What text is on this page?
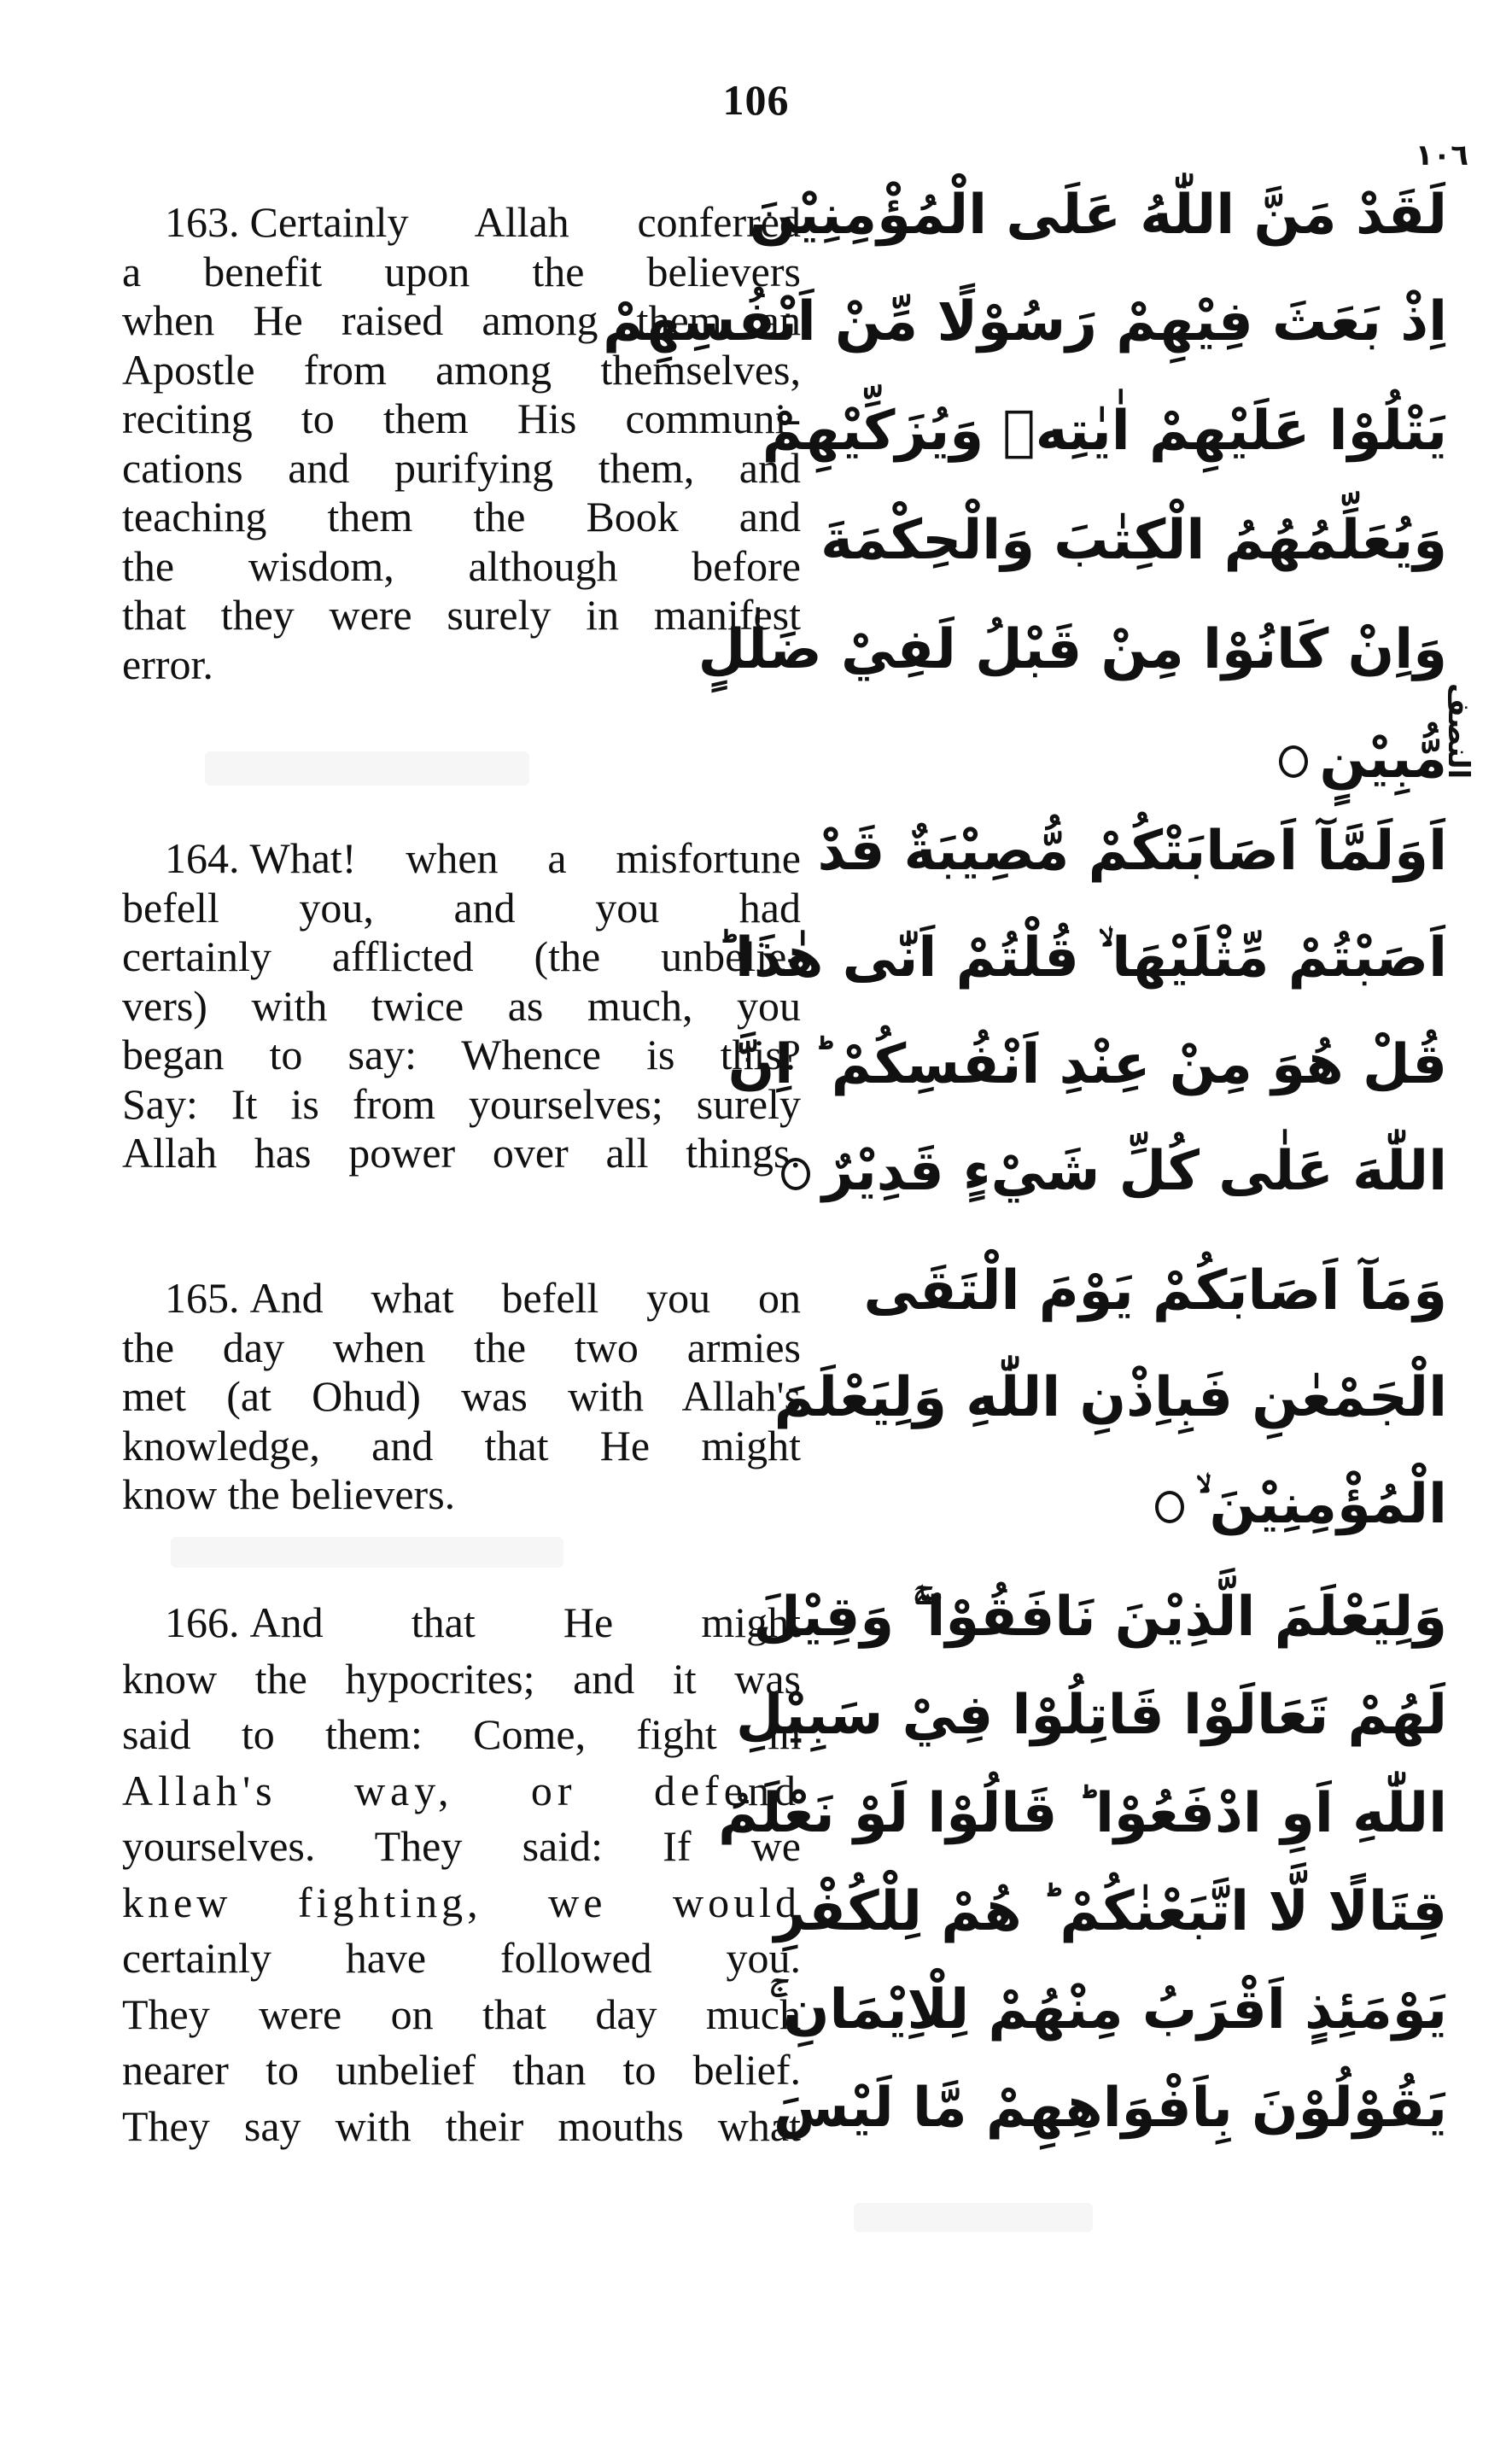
106
١٠٦
النصف
163. Certainly Allah conferred
a benefit upon the believers
when He raised among them an
Apostle from among themselves,
reciting to them His communi-
cations and purifying them, and
teaching them the Book and
the wisdom, although before
that they were surely in manifest
error.
لَقَدْ مَنَّ اللّٰهُ عَلَى الْمُؤْمِنِيْنَ
اِذْ بَعَثَ فِيْهِمْ رَسُوْلًا مِّنْ اَنْفُسِهِمْ
يَتْلُوْا عَلَيْهِمْ اٰيٰتِهٖ وَيُزَكِّيْهِمْ
وَيُعَلِّمُهُمُ الْكِتٰبَ وَالْحِكْمَةَ
وَاِنْ كَانُوْا مِنْ قَبْلُ لَفِيْ ضَلٰلٍ
مُّبِيْنٍ
164. What! when a misfortune
befell you, and you had
certainly afflicted (the unbelie-
vers) with twice as much, you
began to say: Whence is this?
Say: It is from yourselves; surely
Allah has power over all things.
اَوَلَمَّآ اَصَابَتْكُمْ مُّصِيْبَةٌ قَدْ
اَصَبْتُمْ مِّثْلَيْهَا ۙ قُلْتُمْ اَنّٰى هٰذَا ؕ
قُلْ هُوَ مِنْ عِنْدِ اَنْفُسِكُمْ ؕ اِنَّ
اللّٰهَ عَلٰى كُلِّ شَيْءٍ قَدِيْرٌ
165. And what befell you on
the day when the two armies
met (at Ohud) was with Allah's
knowledge, and that He might
know the believers.
وَمَآ اَصَابَكُمْ يَوْمَ الْتَقَى
الْجَمْعٰنِ فَبِاِذْنِ اللّٰهِ وَلِيَعْلَمَ
الْمُؤْمِنِيْنَ ۙ
166. And that He might
know the hypocrites; and it was
said to them: Come, fight in
Allah's way, or defend
yourselves. They said: If we
knew fighting, we would
certainly have followed you.
They were on that day much
nearer to unbelief than to belief.
They say with their mouths what
وَلِيَعْلَمَ الَّذِيْنَ نَافَقُوْا ۚۖ وَقِيْلَ
لَهُمْ تَعَالَوْا قَاتِلُوْا فِيْ سَبِيْلِ
اللّٰهِ اَوِ ادْفَعُوْا ؕ قَالُوْا لَوْ نَعْلَمُ
قِتَالًا لَّا اتَّبَعْنٰكُمْ ؕ هُمْ لِلْكُفْرِ
يَوْمَئِذٍ اَقْرَبُ مِنْهُمْ لِلْاِيْمَانِ ۚ
يَقُوْلُوْنَ بِاَفْوَاهِهِمْ مَّا لَيْسَ
